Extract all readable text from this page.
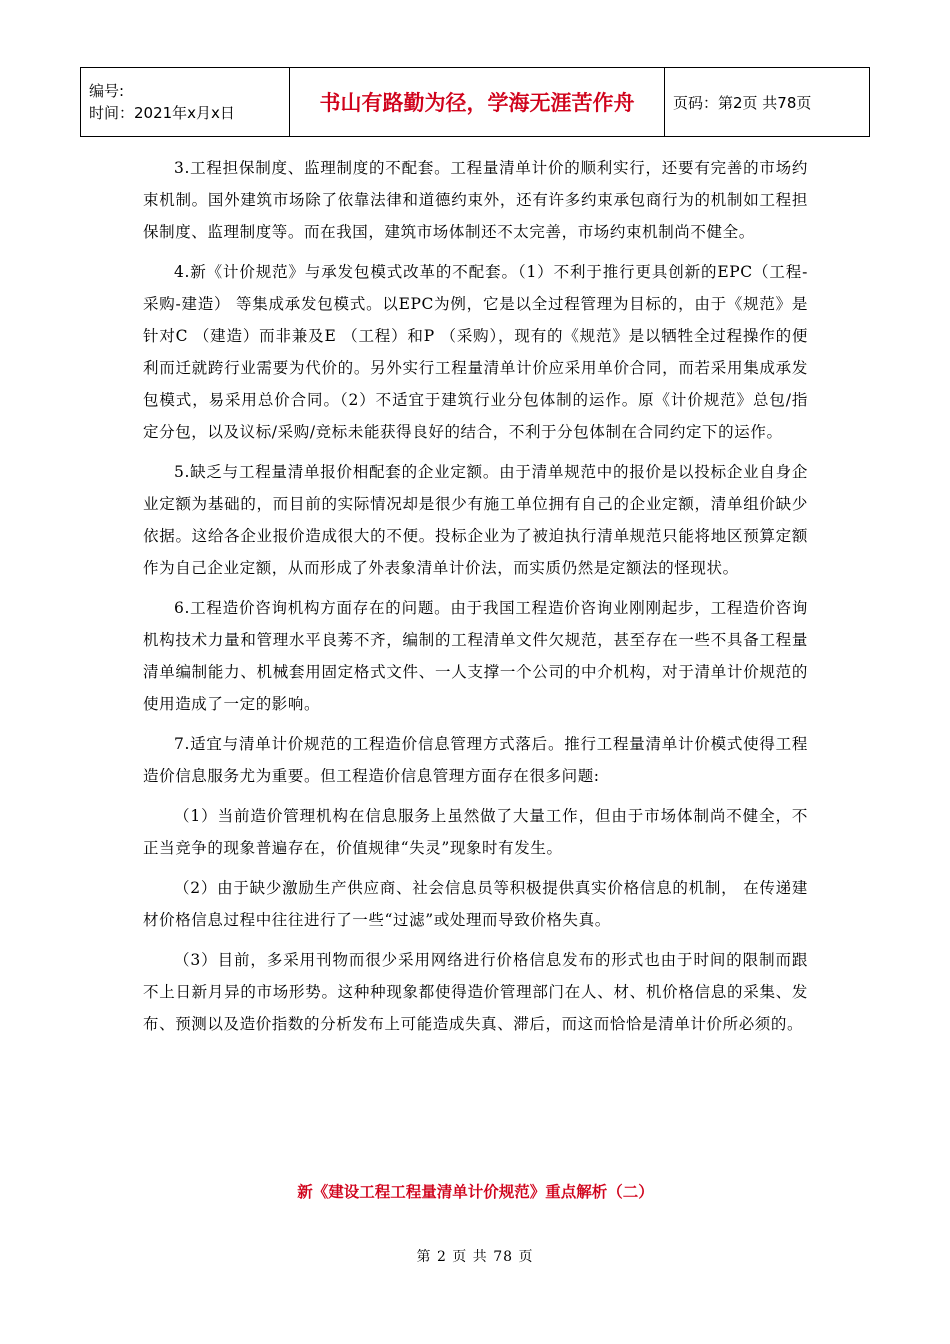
编号:
时间：2021年x月x日	书山有路勤为径，学海无涯苦作舟	页码：第2页 共78页

3.工程担保制度、监理制度的不配套。工程量清单计价的顺利实行，还要有完善的市场约束机制。国外建筑市场除了依靠法律和道德约束外，还有许多约束承包商行为的机制如工程担保制度、监理制度等。而在我国，建筑市场体制还不太完善，市场约束机制尚不健全。

4.新《计价规范》与承发包模式改革的不配套。（1）不利于推行更具创新的EPC（工程-采购-建造） 等集成承发包模式。以EPC为例，它是以全过程管理为目标的，由于《规范》是针对C （建造）而非兼及E （工程）和P （采购），现有的《规范》是以牺牲全过程操作的便利而迁就跨行业需要为代价的。另外实行工程量清单计价应采用单价合同，而若采用集成承发包模式，易采用总价合同。（2）不适宜于建筑行业分包体制的运作。原《计价规范》总包/指定分包，以及议标/采购/竞标未能获得良好的结合，不利于分包体制在合同约定下的运作。

5.缺乏与工程量清单报价相配套的企业定额。由于清单规范中的报价是以投标企业自身企业定额为基础的，而目前的实际情况却是很少有施工单位拥有自己的企业定额，清单组价缺少依据。这给各企业报价造成很大的不便。投标企业为了被迫执行清单规范只能将地区预算定额作为自己企业定额，从而形成了外表象清单计价法，而实质仍然是定额法的怪现状。

6.工程造价咨询机构方面存在的问题。由于我国工程造价咨询业刚刚起步，工程造价咨询机构技术力量和管理水平良莠不齐，编制的工程清单文件欠规范，甚至存在一些不具备工程量清单编制能力、机械套用固定格式文件、一人支撑一个公司的中介机构，对于清单计价规范的使用造成了一定的影响。

7.适宜与清单计价规范的工程造价信息管理方式落后。推行工程量清单计价模式使得工程造价信息服务尤为重要。但工程造价信息管理方面存在很多问题:

（1）当前造价管理机构在信息服务上虽然做了大量工作，但由于市场体制尚不健全，不正当竞争的现象普遍存在，价值规律“失灵”现象时有发生。

（2）由于缺少激励生产供应商、社会信息员等积极提供真实价格信息的机制， 在传递建材价格信息过程中往往进行了一些“过滤”或处理而导致价格失真。

（3）目前，多采用刊物而很少采用网络进行价格信息发布的形式也由于时间的限制而跟不上日新月异的市场形势。这种种现象都使得造价管理部门在人、材、机价格信息的采集、发布、预测以及造价指数的分析发布上可能造成失真、滞后，而这而恰恰是清单计价所必须的。

新《建设工程工程量清单计价规范》重点解析（二）
第 2 页 共 78 页
